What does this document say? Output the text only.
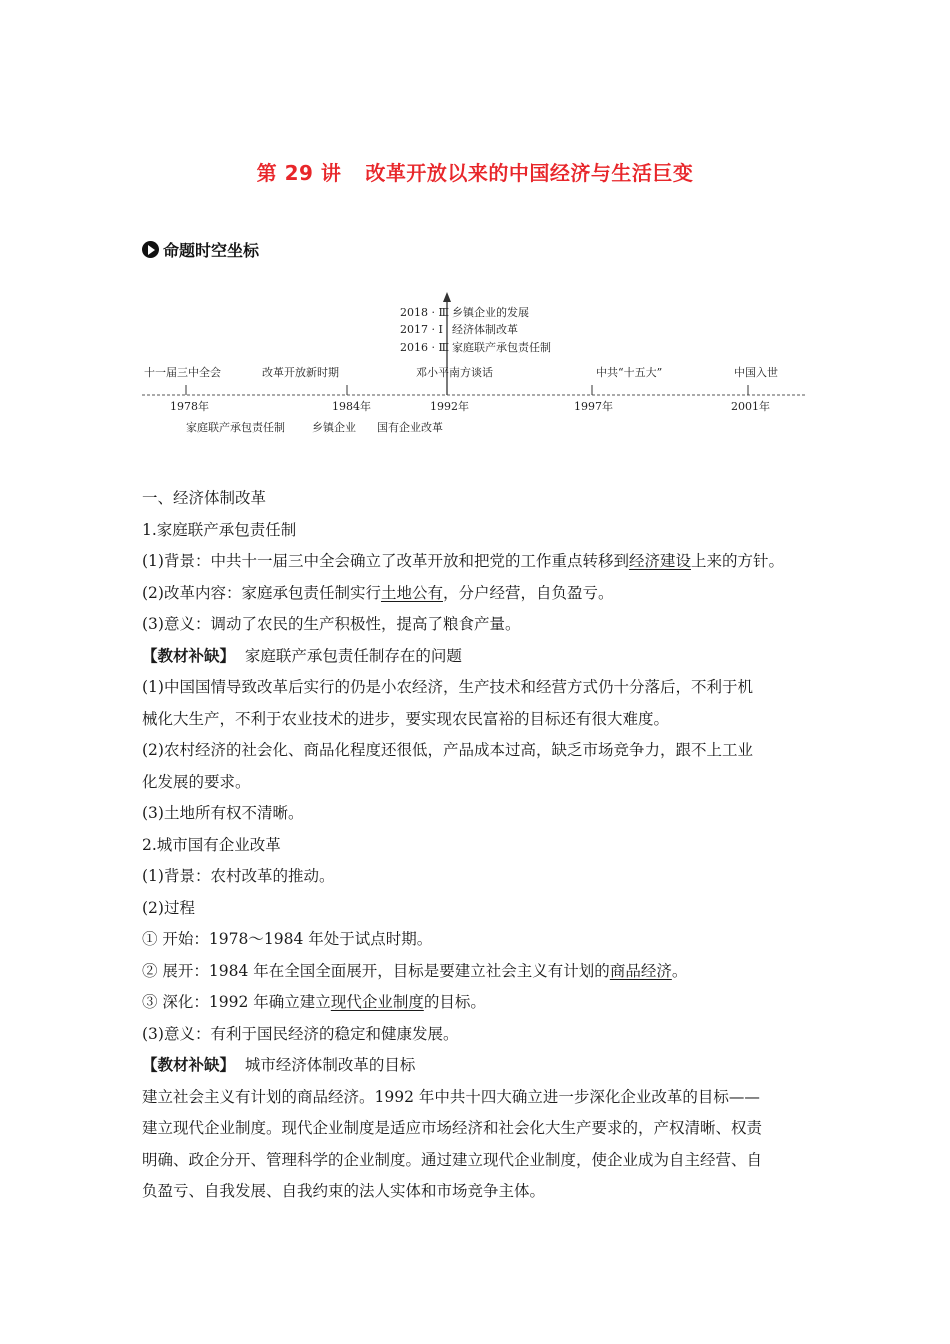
第 29 讲 改革开放以来的中国经济与生活巨变
命题时空坐标
2018 · Ⅲ
2017 · Ⅰ
2016 · Ⅲ
乡镇企业的发展
经济体制改革
家庭联产承包责任制
十一届三中全会	改革开放新时期	邓小平南方谈话	中共“十五大”	中国入世
1978年	1984年	1992年	1997年	2001年
家庭联产承包责任制 乡镇企业 国有企业改革
一、经济体制改革
1.家庭联产承包责任制
(1)背景：中共十一届三中全会确立了改革开放和把党的工作重点转移到经济建设上来的方针。
(2)改革内容：家庭承包责任制实行土地公有，分户经营，自负盈亏。
(3)意义：调动了农民的生产积极性，提高了粮食产量。
【教材补缺】 家庭联产承包责任制存在的问题
(1)中国国情导致改革后实行的仍是小农经济，生产技术和经营方式仍十分落后，不利于机
械化大生产，不利于农业技术的进步，要实现农民富裕的目标还有很大难度。
(2)农村经济的社会化、商品化程度还很低，产品成本过高，缺乏市场竞争力，跟不上工业
化发展的要求。
(3)土地所有权不清晰。
2.城市国有企业改革
(1)背景：农村改革的推动。
(2)过程
① 开始：1978～1984 年处于试点时期。
② 展开：1984 年在全国全面展开，目标是要建立社会主义有计划的商品经济。
③ 深化：1992 年确立建立现代企业制度的目标。
(3)意义：有利于国民经济的稳定和健康发展。
【教材补缺】 城市经济体制改革的目标
建立社会主义有计划的商品经济。1992 年中共十四大确立进一步深化企业改革的目标——
建立现代企业制度。现代企业制度是适应市场经济和社会化大生产要求的，产权清晰、权责
明确、政企分开、管理科学的企业制度。通过建立现代企业制度，使企业成为自主经营、自
负盈亏、自我发展、自我约束的法人实体和市场竞争主体。
